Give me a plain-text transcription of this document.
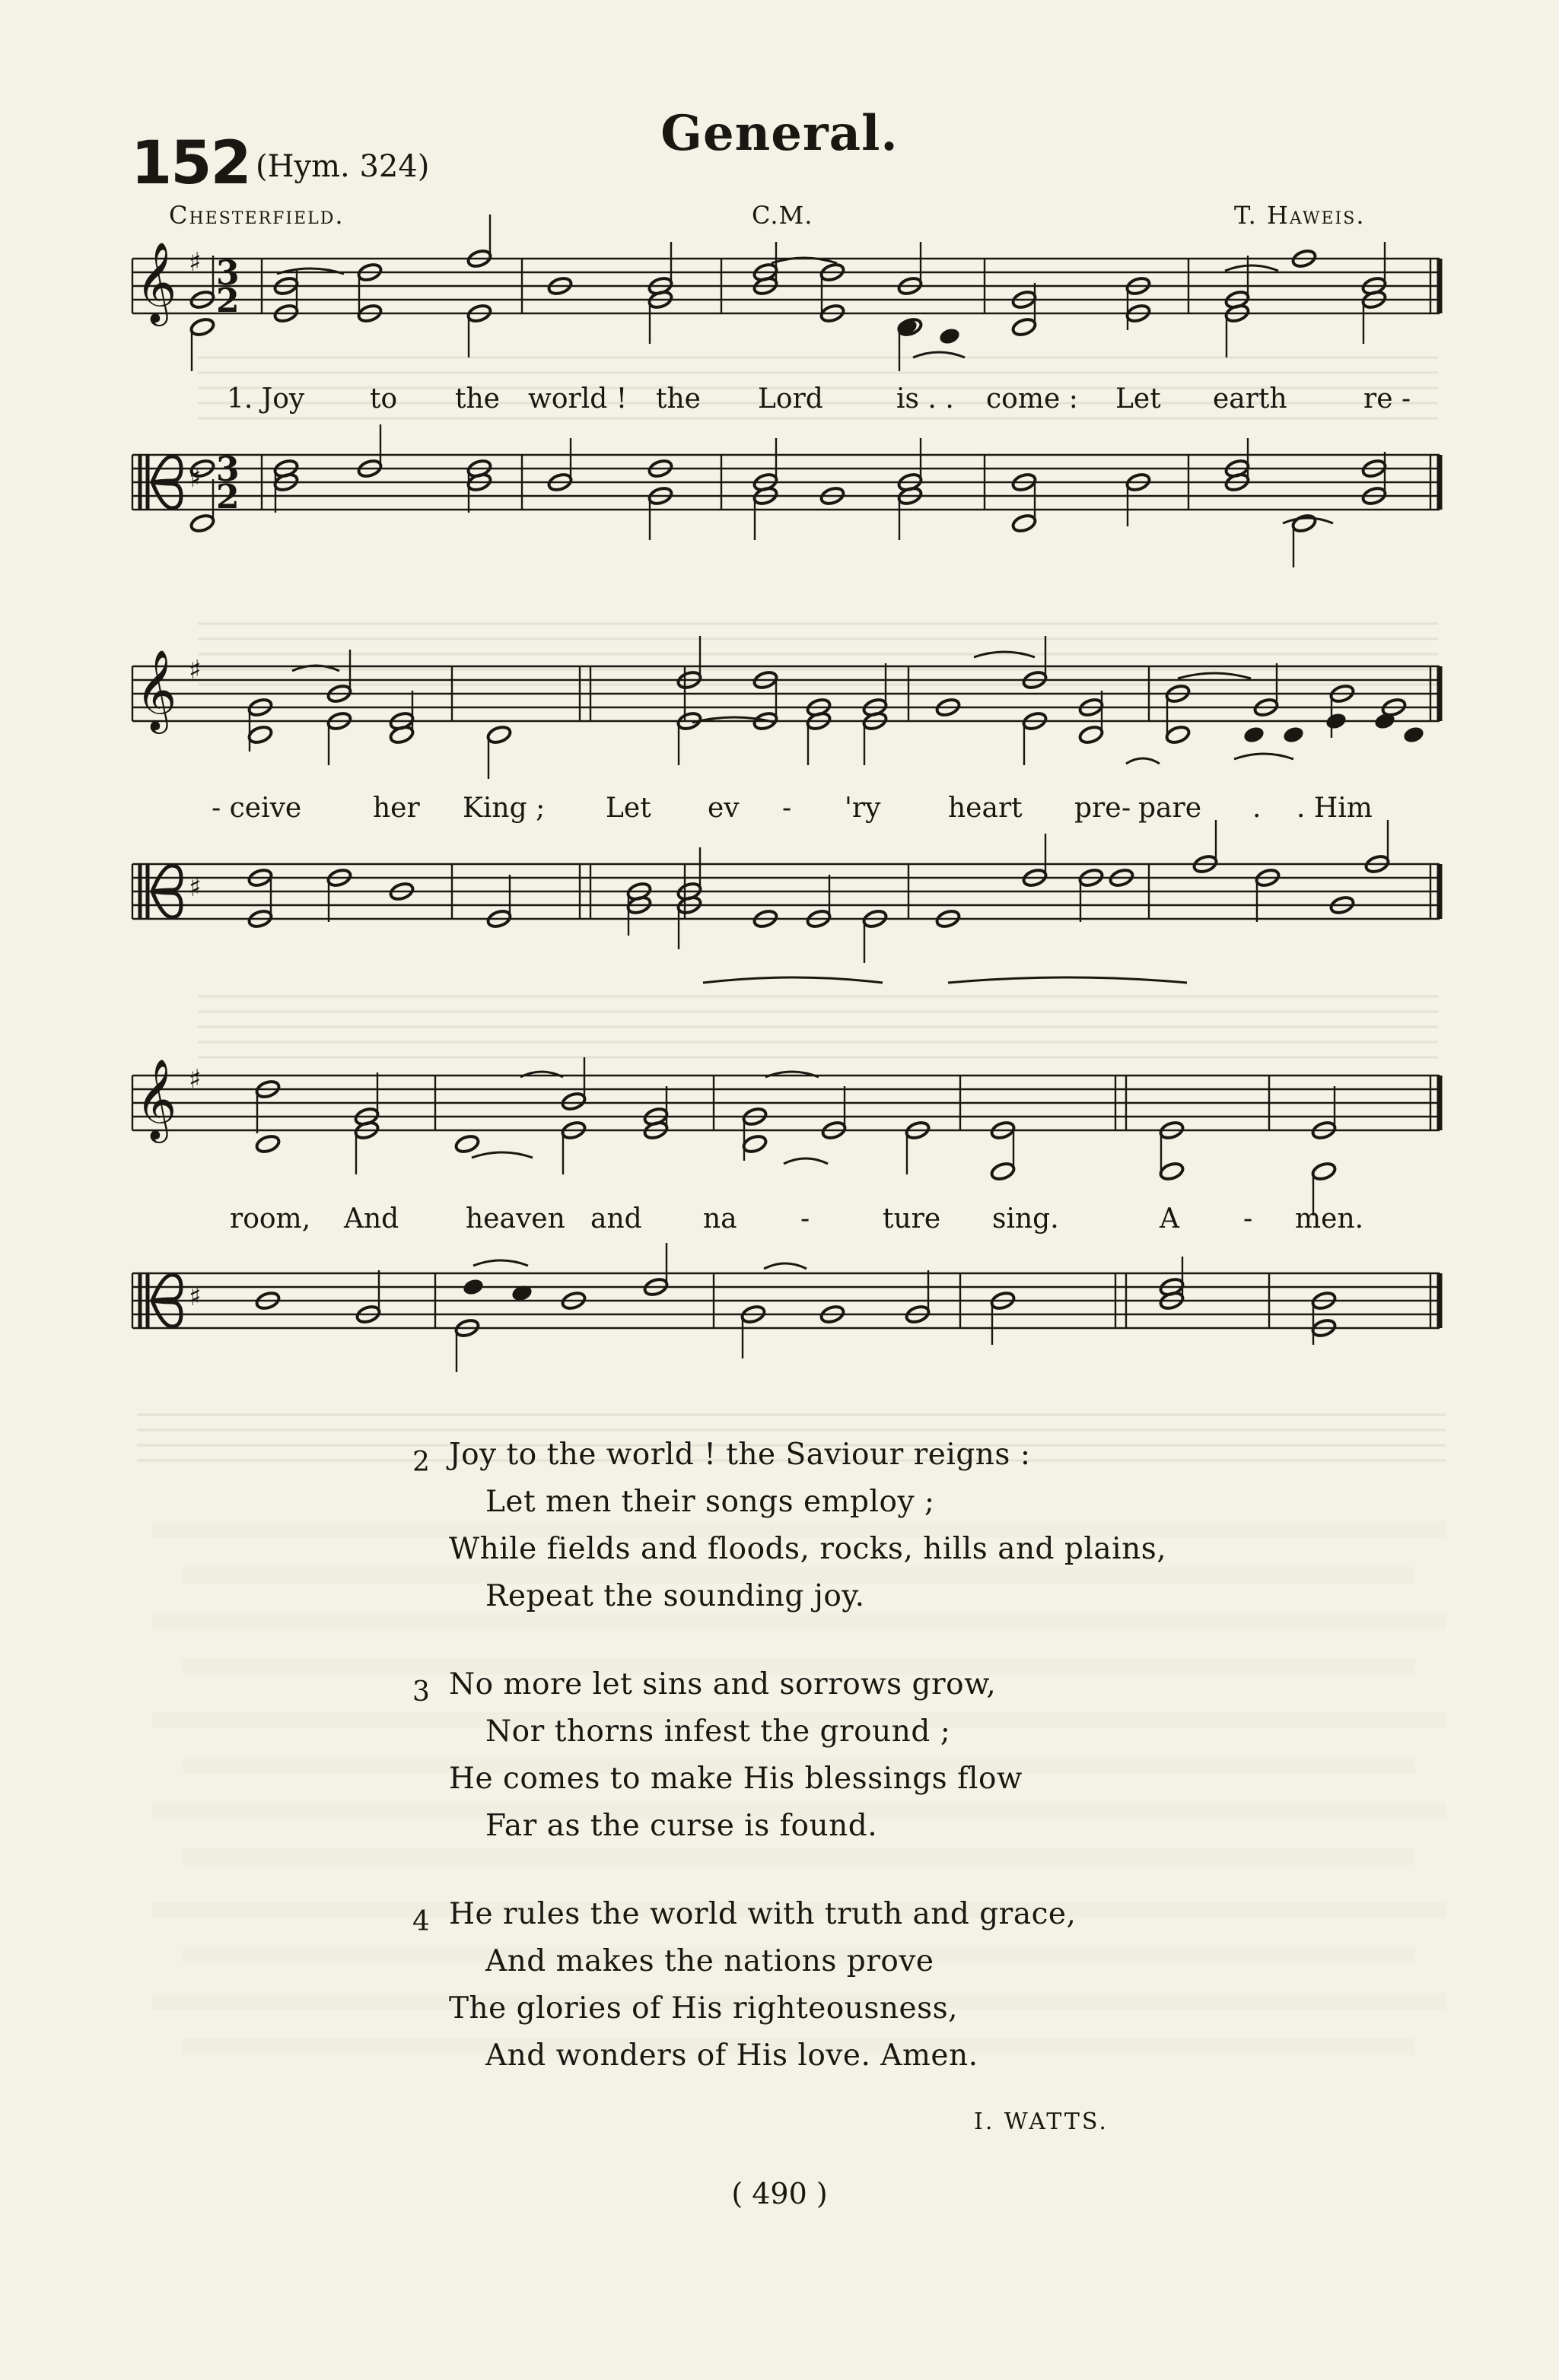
152 (Hym. 324)
General.
Chesterfield.	C.M.	T. Haweis.
𝄞 ♯ 3
2
♯ 3
2
𝄞 ♯
♯
𝄞 ♯
♯
1. Joy to the world ! the Lord	is . . come : Let earth	re -
- ceive	her King ; Let ev - 'ry heart pre - pare . . Him
room, And heaven and na -	ture sing.	A - men.
2 Joy to the world ! the Saviour reigns :
Let men their songs employ ;
While fields and floods, rocks, hills and plains,
Repeat the sounding joy.
3 No more let sins and sorrows grow,
Nor thorns infest the ground ;
He comes to make His blessings flow
Far as the curse is found.
4 He rules the world with truth and grace,
And makes the nations prove
The glories of His righteousness,
And wonders of His love. Amen.
I. WATTS.
( 490 )
